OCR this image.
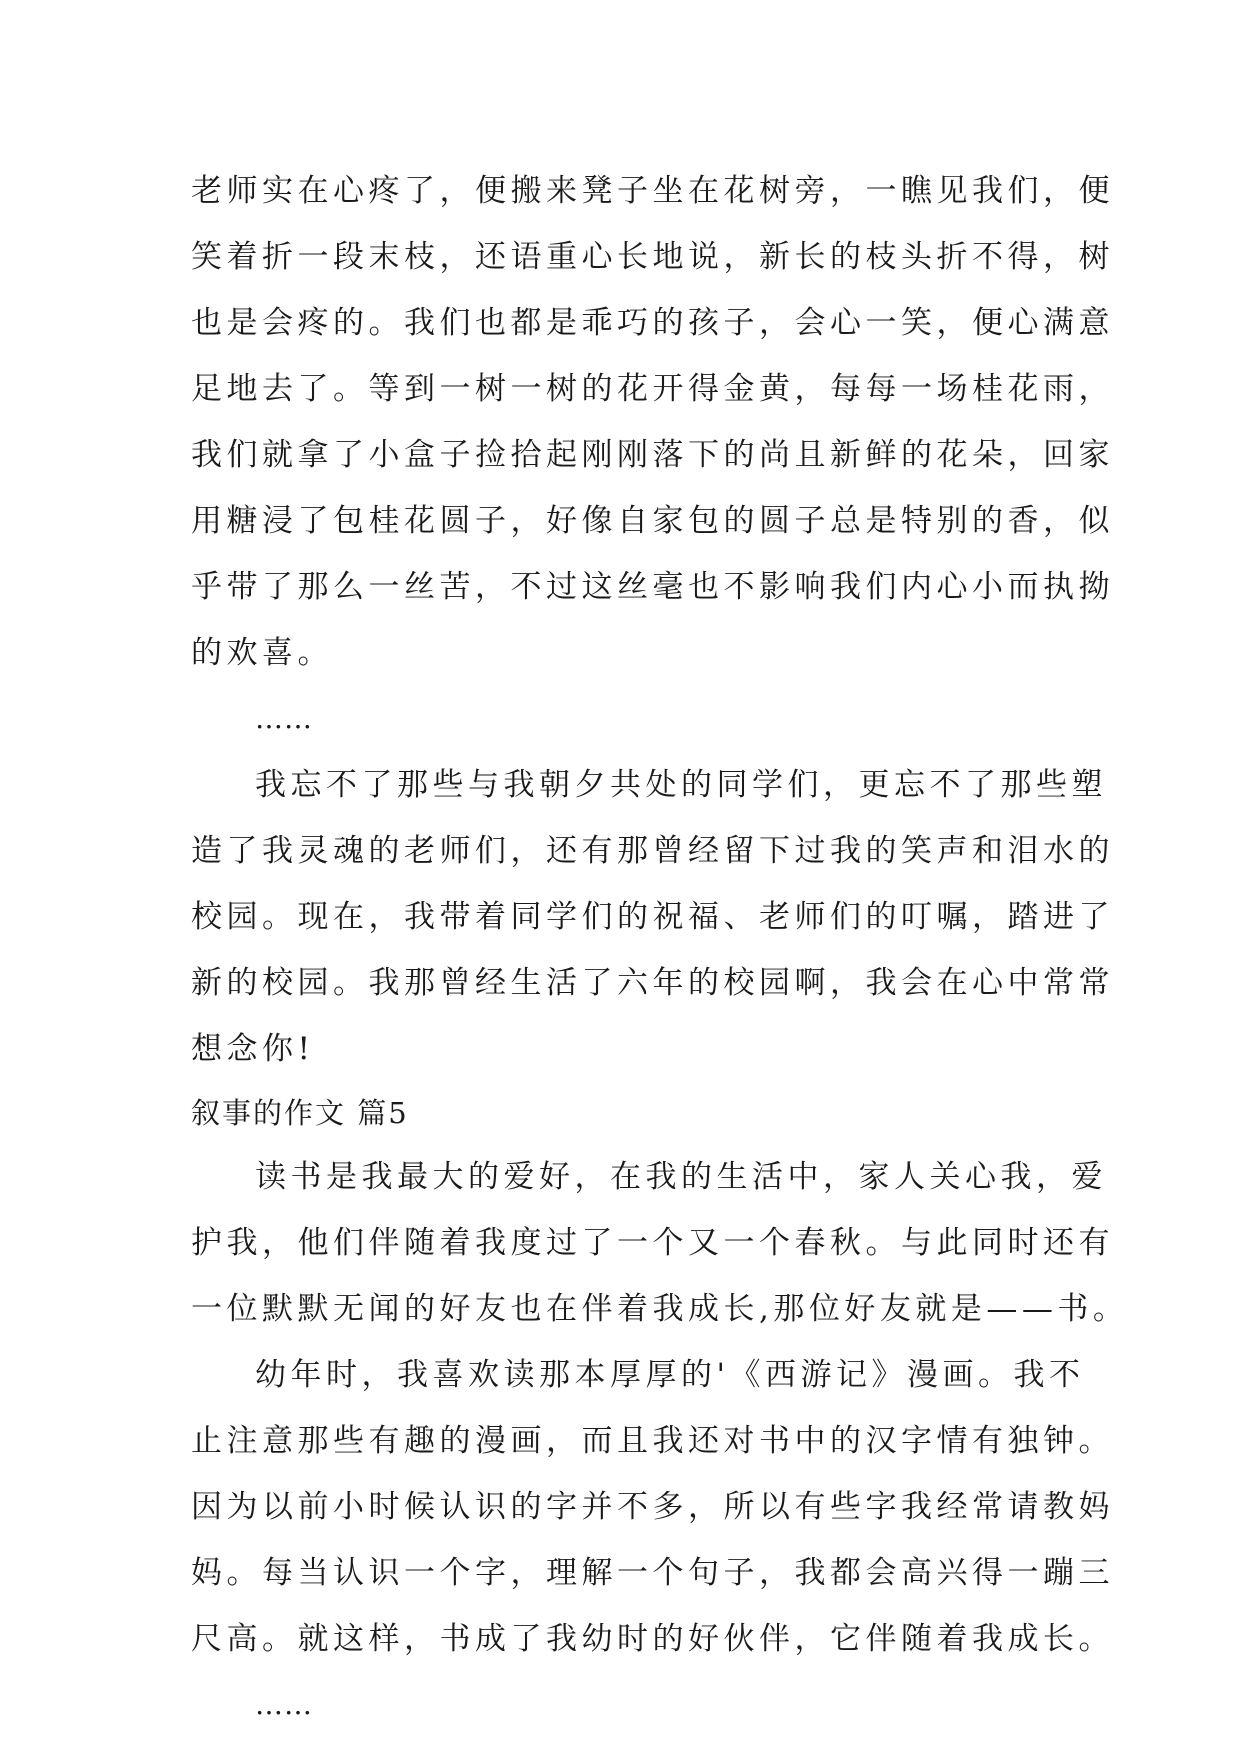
老师实在心疼了，便搬来凳子坐在花树旁，一瞧见我们，便
笑着折一段末枝，还语重心长地说，新长的枝头折不得，树
也是会疼的。我们也都是乖巧的孩子，会心一笑，便心满意
足地去了。等到一树一树的花开得金黄，每每一场桂花雨，
我们就拿了小盒子捡拾起刚刚落下的尚且新鲜的花朵，回家
用糖浸了包桂花圆子，好像自家包的圆子总是特别的香，似
乎带了那么一丝苦，不过这丝毫也不影响我们内心小而执拗
的欢喜。
……
我忘不了那些与我朝夕共处的同学们，更忘不了那些塑
造了我灵魂的老师们，还有那曾经留下过我的笑声和泪水的
校园。现在，我带着同学们的祝福、老师们的叮嘱，踏进了
新的校园。我那曾经生活了六年的校园啊，我会在心中常常
想念你!
叙事的作文 篇5
读书是我最大的爱好，在我的生活中，家人关心我，爱
护我，他们伴随着我度过了一个又一个春秋。与此同时还有
一位默默无闻的好友也在伴着我成长,那位好友就是——书。
幼年时，我喜欢读那本厚厚的'《西游记》漫画。我不
止注意那些有趣的漫画，而且我还对书中的汉字情有独钟。
因为以前小时候认识的字并不多，所以有些字我经常请教妈
妈。每当认识一个字，理解一个句子，我都会高兴得一蹦三
尺高。就这样，书成了我幼时的好伙伴，它伴随着我成长。
……
